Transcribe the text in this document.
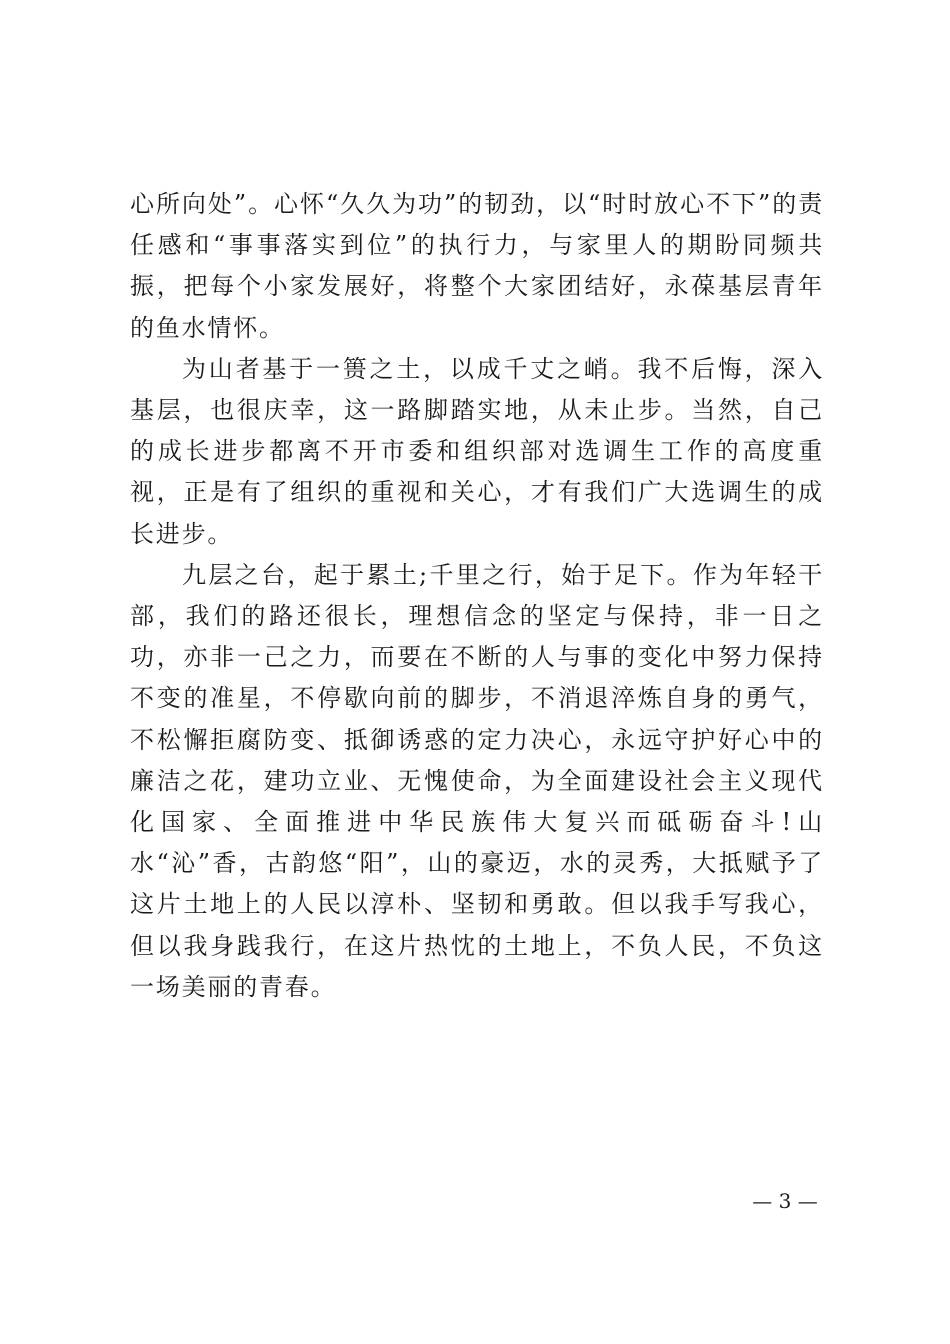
心所向处”。心怀“久久为功”的韧劲，以“时时放心不下”的责任感和“事事落实到位”的执行力，与家里人的期盼同频共振，把每个小家发展好，将整个大家团结好，永葆基层青年的鱼水情怀。

为山者基于一篑之土，以成千丈之峭。我不后悔，深入基层，也很庆幸，这一路脚踏实地，从未止步。当然，自己的成长进步都离不开市委和组织部对选调生工作的高度重视，正是有了组织的重视和关心，才有我们广大选调生的成长进步。

九层之台，起于累土;千里之行，始于足下。作为年轻干部，我们的路还很长，理想信念的坚定与保持，非一日之功，亦非一己之力，而要在不断的人与事的变化中努力保持不变的准星，不停歇向前的脚步，不消退淬炼自身的勇气，不松懈拒腐防变、抵御诱惑的定力决心，永远守护好心中的廉洁之花，建功立业、无愧使命，为全面建设社会主义现代化国家、全面推进中华民族伟大复兴而砥砺奋斗!山水“沁”香，古韵悠“阳”，山的豪迈，水的灵秀，大抵赋予了这片土地上的人民以淳朴、坚韧和勇敢。但以我手写我心，但以我身践我行，在这片热忱的土地上，不负人民，不负这一场美丽的青春。

— 3 —
